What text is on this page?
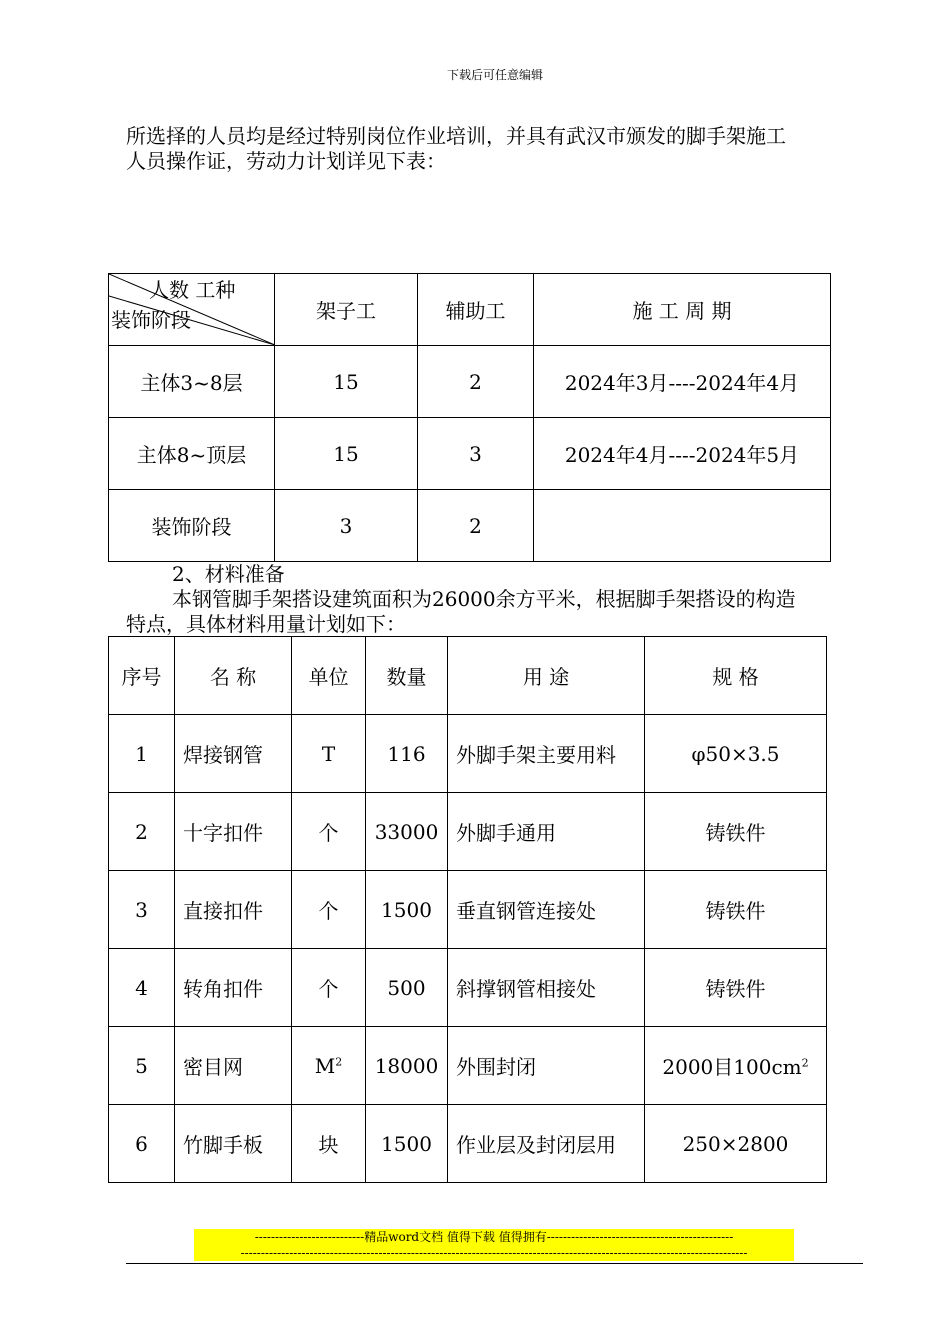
下载后可任意编辑
所选择的人员均是经过特别岗位作业培训，并具有武汉市颁发的脚手架施工
人员操作证，劳动力计划详见下表：
人数 工种
装饰阶段	架子工	辅助工	施 工 周 期
主体3~8层	15	2	2024年3月----2024年4月
主体8~顶层	15	3	2024年4月----2024年5月
装饰阶段	3	2	
2、材料准备
本钢管脚手架搭设建筑面积为26000余方平米，根据脚手架搭设的构造
特点，具体材料用量计划如下：
序号	名 称	单位	数量	用 途	规 格
1	焊接钢管	T	116	外脚手架主要用料	φ50×3.5
2	十字扣件	个	33000	外脚手通用	铸铁件
3	直接扣件	个	1500	垂直钢管连接处	铸铁件
4	转角扣件	个	500	斜撑钢管相接处	铸铁件
5	密目网	$M^2$	18000	外围封闭	2000目$100cm^2$
6	竹脚手板	块	1500	作业层及封闭层用	250×2800
---------------------------精品word文档 值得下载 值得拥有----------------------------------------------
-----------------------------------------------------------------------------------------------------------------------------
